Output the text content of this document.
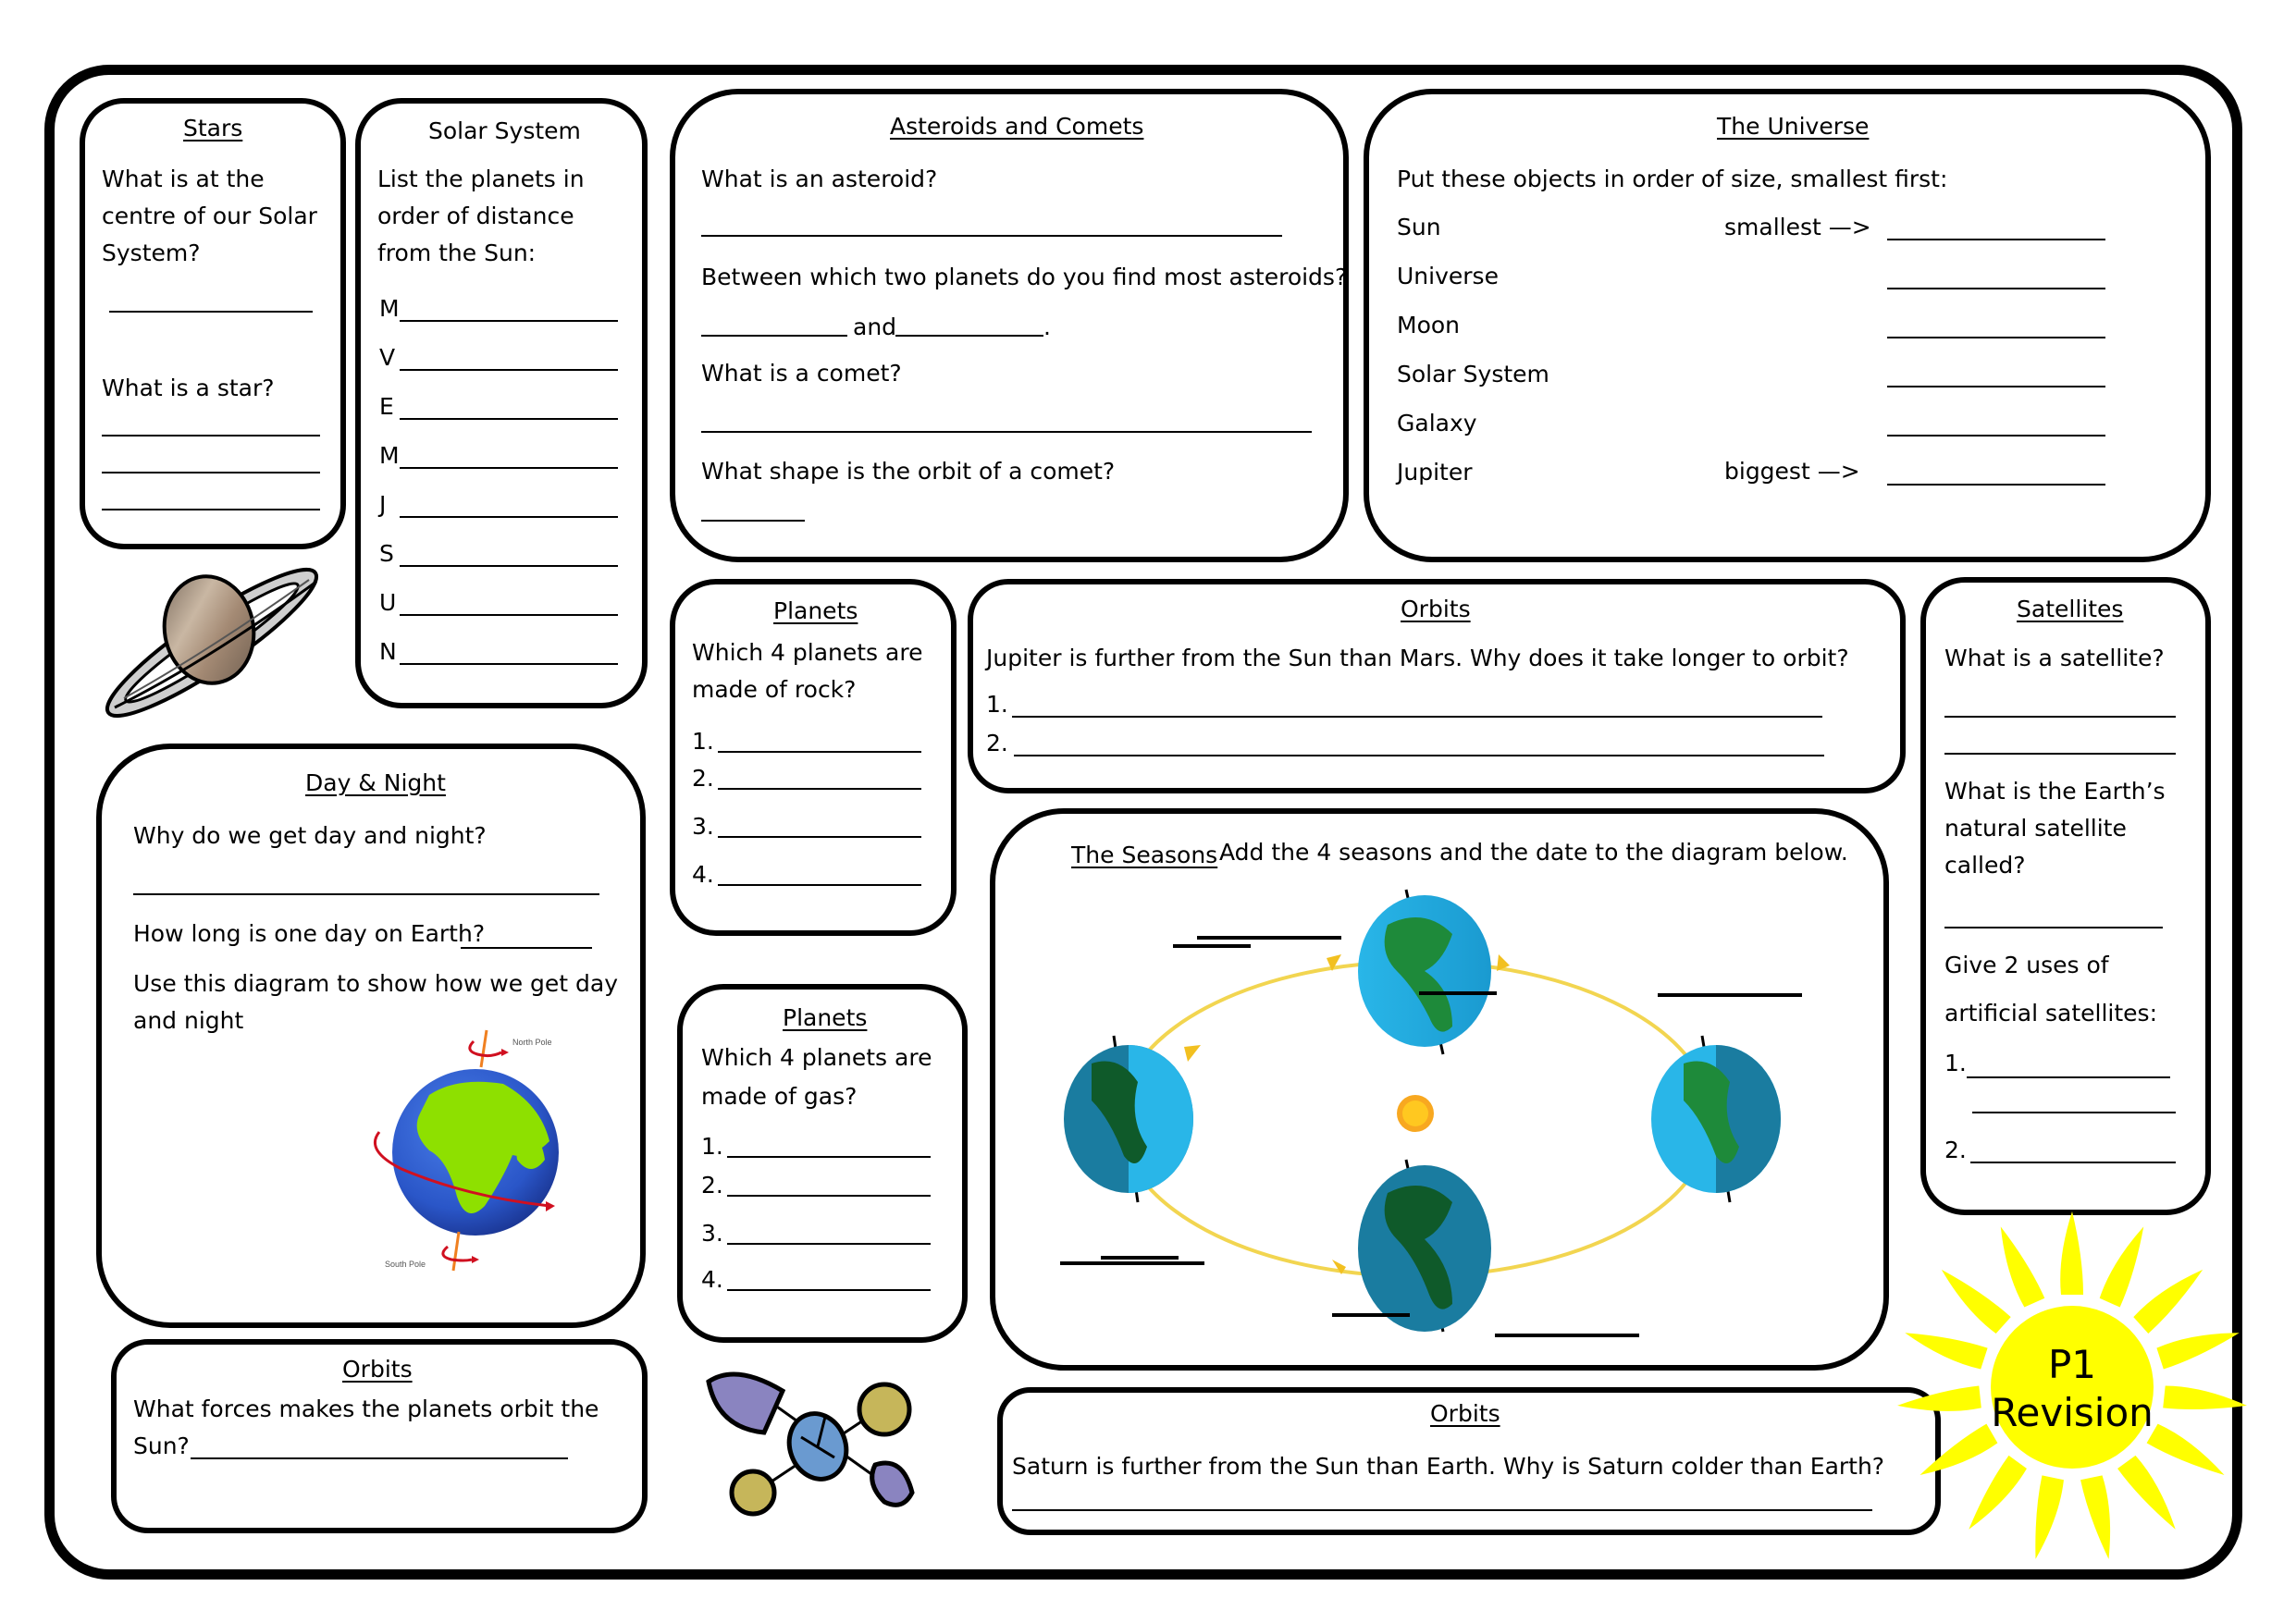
Stars
What is at the
centre of our Solar
System?
What is a star?
Solar System
List the planets in
order of distance
from the Sun:
M
V
E
M
J
S
U
N
Asteroids and Comets
What is an asteroid?
Between which two planets do you find most asteroids?
and	.
What is a comet?
What shape is the orbit of a comet?
The Universe
Put these objects in order of size, smallest first:
Sun
Universe
Moon
Solar System
Galaxy
Jupiter
smallest —>
biggest —>
Planets
Which 4 planets are
made of rock?
1.
2.
3.
4.
Planets
Which 4 planets are
made of gas?
1.
2.
3.
4.
Orbits
Jupiter is further from the Sun than Mars. Why does it take longer to orbit?
1.
2.
Satellites
What is a satellite?
What is the Earth’s
natural satellite
called?
Give 2 uses of
artificial satellites:
1.
2.
Day & Night
Why do we get day and night?
How long is one day on Earth?
Use this diagram to show how we get day
and night
North Pole
South Pole
The Seasons Add the 4 seasons and the date to the diagram below.
Orbits
What forces makes the planets orbit the
Sun?
Orbits
Saturn is further from the Sun than Earth. Why is Saturn colder than Earth?
P1
Revision
